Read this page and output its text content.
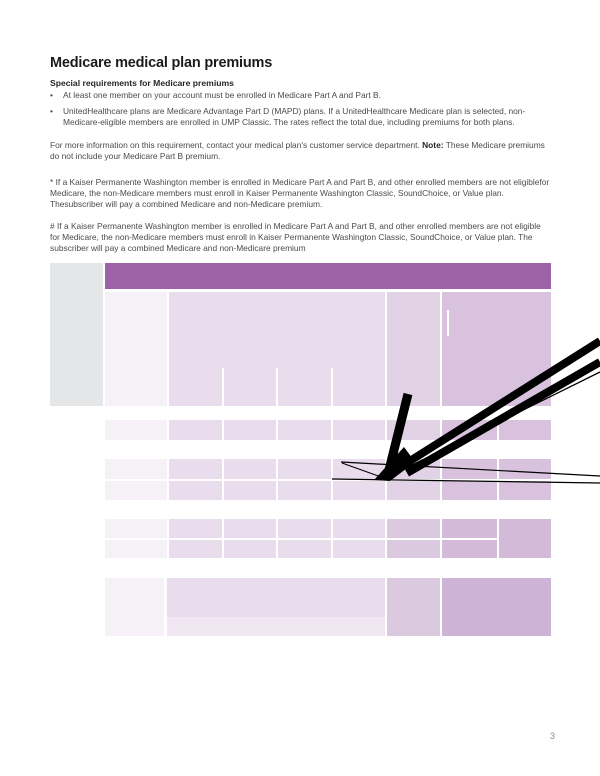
Medicare medical plan premiums
Special requirements for Medicare premiums
•	At least one member on your account must be enrolled in Medicare Part A and Part B.
•	UnitedHealthcare plans are Medicare Advantage Part D (MAPD) plans. If a UnitedHealthcare Medicare plan is selected, non-Medicare-eligible members are enrolled in UMP Classic. The rates reflect the total due, including premiums for both plans.
For more information on this requirement, contact your medical plan's customer service department. Note: These Medicare premiums do not include your Medicare Part B premium.
* If a Kaiser Permanente Washington member is enrolled in Medicare Part A and Part B, and other enrolled members are not eligiblefor Medicare, the non-Medicare members must enroll in Kaiser Permanente Washington Classic, SoundChoice, or Value plan. Thesubscriber will pay a combined Medicare and non-Medicare premium.
# If a Kaiser Permanente Washington member is enrolled in Medicare Part A and Part B, and other enrolled members are not eligible for Medicare, the non-Medicare members must enroll in Kaiser Permanente Washington Classic, SoundChoice, or Value plan. The subscriber will pay a combined Medicare and non-Medicare premium
3
